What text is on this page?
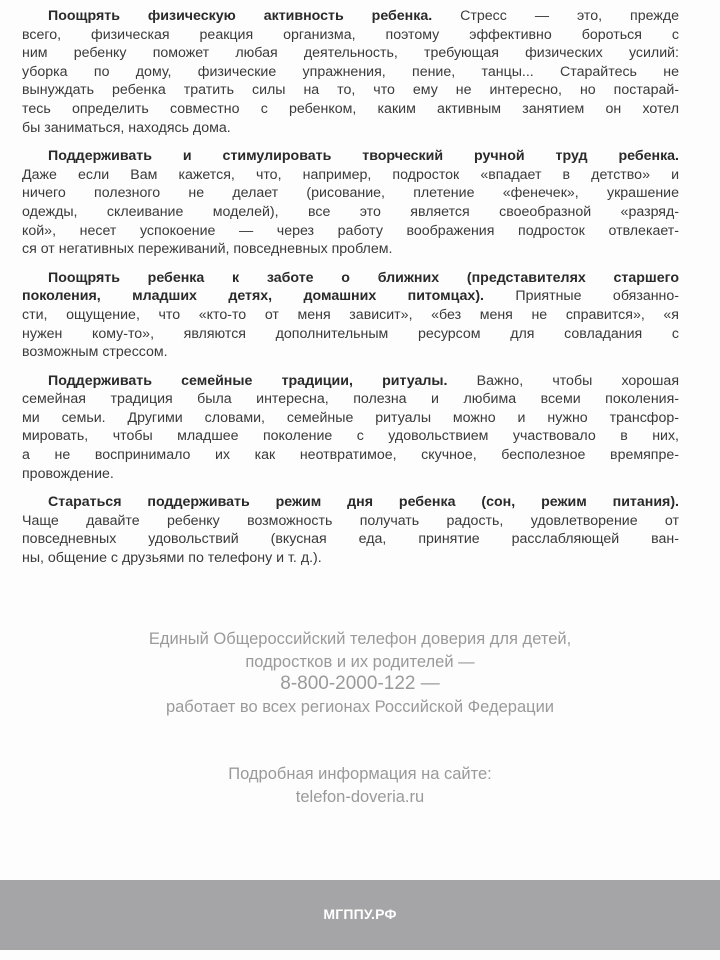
Поощрять физическую активность ребенка. Стресс — это, прежде
всего, физическая реакция организма, поэтому эффективно бороться с
ним ребенку поможет любая деятельность, требующая физических усилий:
уборка по дому, физические упражнения, пение, танцы... Старайтесь не
вынуждать ребенка тратить силы на то, что ему не интересно, но постарай-
тесь определить совместно с ребенком, каким активным занятием он хотел
бы заниматься, находясь дома.
Поддерживать и стимулировать творческий ручной труд ребенка.
Даже если Вам кажется, что, например, подросток «впадает в детство» и
ничего полезного не делает (рисование, плетение «фенечек», украшение
одежды, склеивание моделей), все это является своеобразной «разряд-
кой», несет успокоение — через работу воображения подросток отвлекает-
ся от негативных переживаний, повседневных проблем.
Поощрять ребенка к заботе о ближних (представителях старшего
поколения, младших детях, домашних питомцах). Приятные обязанно-
сти, ощущение, что «кто-то от меня зависит», «без меня не справится», «я
нужен кому-то», являются дополнительным ресурсом для совладания с
возможным стрессом.
Поддерживать семейные традиции, ритуалы. Важно, чтобы хорошая
семейная традиция была интересна, полезна и любима всеми поколения-
ми семьи. Другими словами, семейные ритуалы можно и нужно трансфор-
мировать, чтобы младшее поколение с удовольствием участвовало в них,
а не воспринимало их как неотвратимое, скучное, бесполезное времяпре-
провождение.
Стараться поддерживать режим дня ребенка (сон, режим питания).
Чаще давайте ребенку возможность получать радость, удовлетворение от
повседневных удовольствий (вкусная еда, принятие расслабляющей ван-
ны, общение с друзьями по телефону и т. д.).
Единый Общероссийский телефон доверия для детей,
подростков и их родителей —
8-800-2000-122 —
работает во всех регионах Российской Федерации
Подробная информация на сайте:
telefon-doveria.ru
МГППУ.РФ
